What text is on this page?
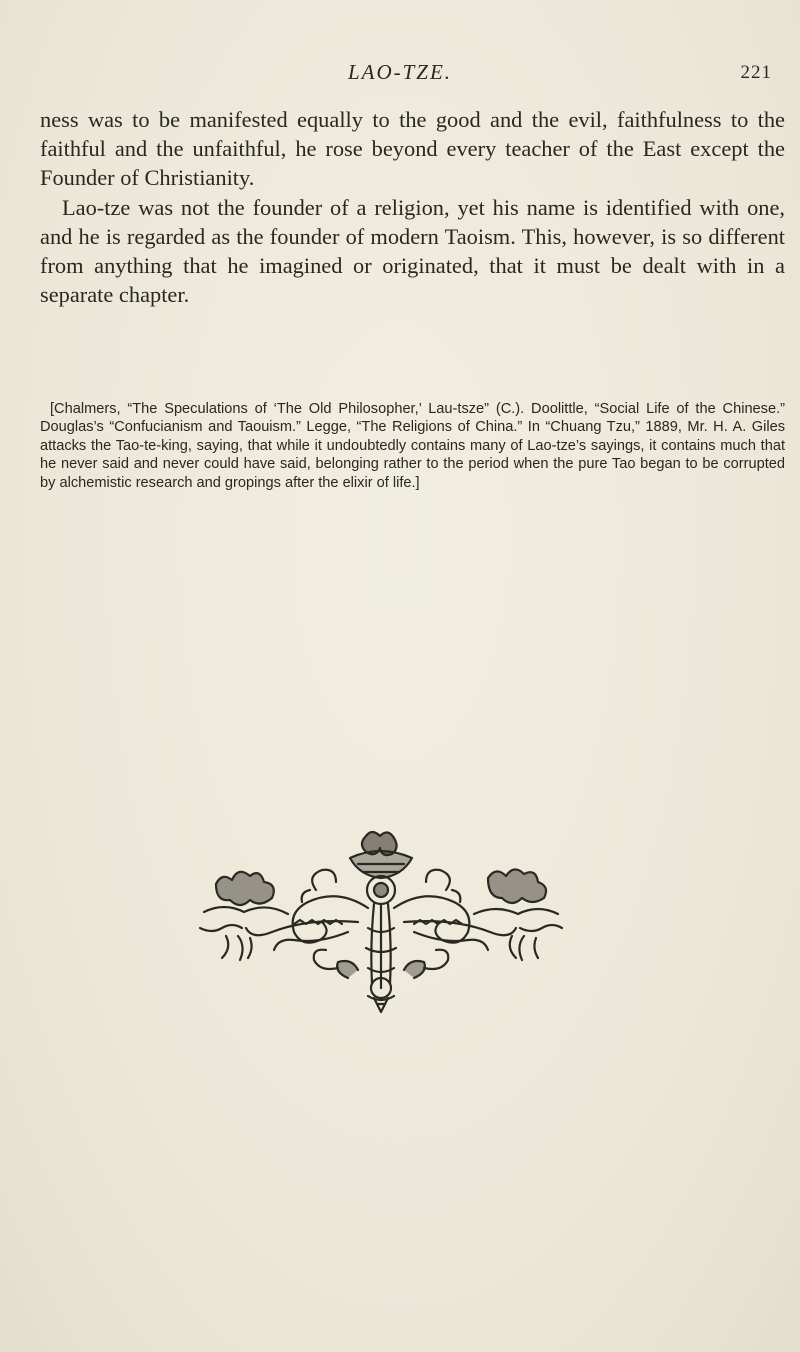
LAO-TZE.	221

ness was to be manifested equally to the good and the evil, faithfulness to the faithful and the unfaithful, he rose beyond every teacher of the East except the Founder of Christianity.

Lao-tze was not the founder of a religion, yet his name is identified with one, and he is regarded as the founder of modern Taoism. This, however, is so different from anything that he imagined or originated, that it must be dealt with in a separate chapter.

[Chalmers, “The Speculations of ‘The Old Philosopher,’ Lau-tsze” (C.). Doolittle, “Social Life of the Chinese.” Douglas’s “Confucianism and Taouism.” Legge, “The Religions of China.” In “Chuang Tzu,” 1889, Mr. H. A. Giles attacks the Tao-te-king, saying, that while it undoubtedly contains many of Lao-tze’s sayings, it contains much that he never said and never could have said, belonging rather to the period when the pure Tao began to be corrupted by alchemistic research and gropings after the elixir of life.]
